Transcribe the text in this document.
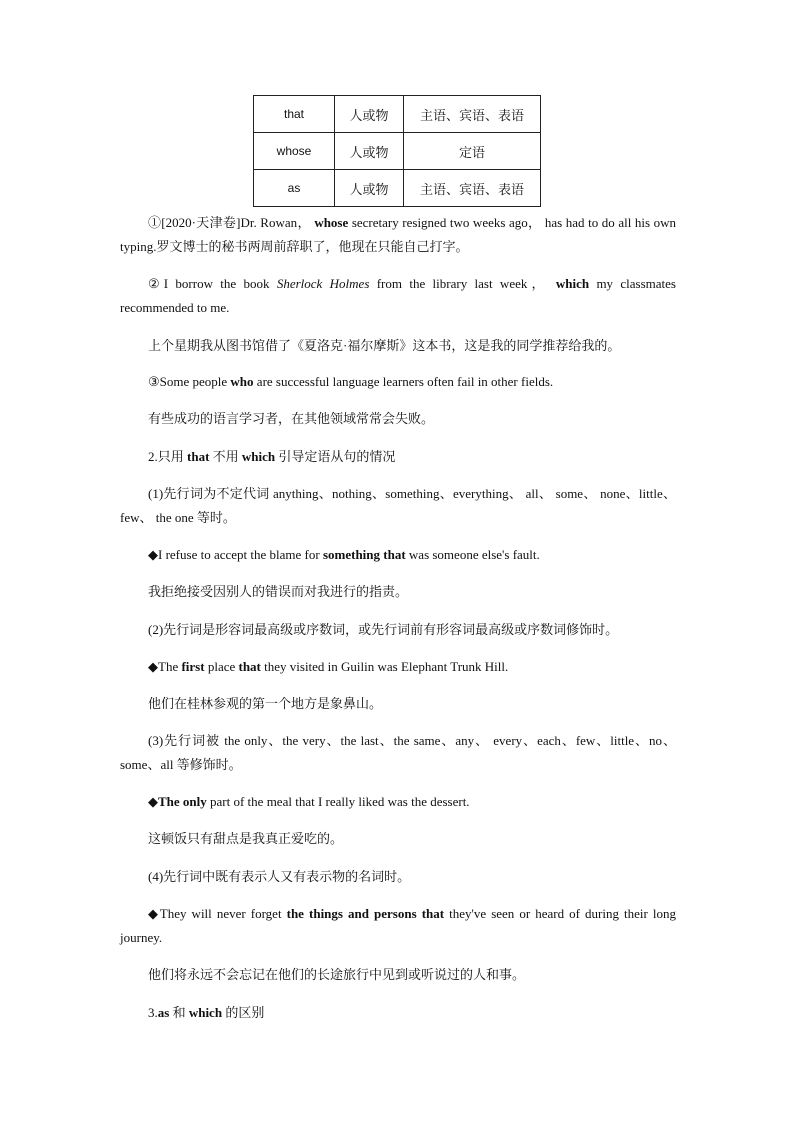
that	人或物	主语、宾语、表语
whose	人或物	定语
as	人或物	主语、宾语、表语
①[2020·天津卷]Dr. Rowan， whose secretary resigned two weeks ago， has had to do all his own typing.罗文博士的秘书两周前辞职了，他现在只能自己打字。
②I borrow the book Sherlock Holmes from the library last week， which my classmates recommended to me.
上个星期我从图书馆借了《夏洛克·福尔摩斯》这本书，这是我的同学推荐给我的。
③Some people who are successful language learners often fail in other fields.
有些成功的语言学习者，在其他领域常常会失败。
2.只用 that 不用 which 引导定语从句的情况
(1)先行词为不定代词 anything、nothing、something、everything、 all、 some、 none、little、 few、 the one 等时。
◆I refuse to accept the blame for something that was someone else's fault.
我拒绝接受因别人的错误而对我进行的指责。
(2)先行词是形容词最高级或序数词，或先行词前有形容词最高级或序数词修饰时。
◆The first place that they visited in Guilin was Elephant Trunk Hill.
他们在桂林参观的第一个地方是象鼻山。
(3)先行词被 the only、the very、the last、the same、any、 every、each、few、little、no、some、all 等修饰时。
◆The only part of the meal that I really liked was the dessert.
这顿饭只有甜点是我真正爱吃的。
(4)先行词中既有表示人又有表示物的名词时。
◆They will never forget the things and persons that they've seen or heard of during their long journey.
他们将永远不会忘记在他们的长途旅行中见到或听说过的人和事。
3.as 和 which 的区别
